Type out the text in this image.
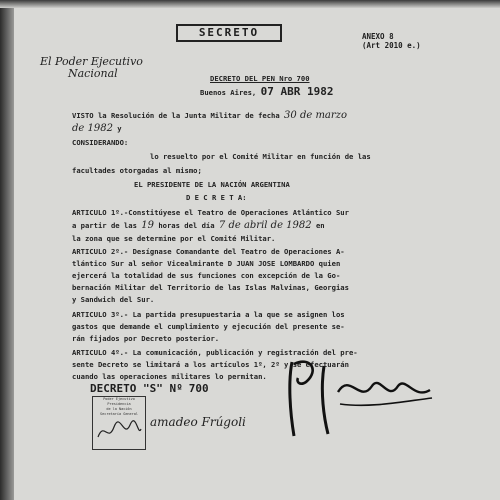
SECRETO	ANEXO 8
(Art 2010 e.)
El Poder Ejecutivo
Nacional	DECRETO DEL PEN Nro 700
Buenos Aires, 07 ABR 1982
VISTO la Resolución de la Junta Militar de fecha 30 de marzo
de 1982 y
CONSIDERANDO:
lo resuelto por el Comité Militar en función de las
facultades otorgadas al mismo;
EL PRESIDENTE DE LA NACIÓN ARGENTINA
D E C R E T A:
ARTICULO 1º.-Constitúyese el Teatro de Operaciones Atlántico Sur
a partir de las 19 horas del día 7 de abril de 1982 en
la zona que se determine por el Comité Militar.
ARTICULO 2º.- Desígnase Comandante del Teatro de Operaciones A-
tlántico Sur al señor Vicealmirante D JUAN JOSE LOMBARDO quien
ejercerá la totalidad de sus funciones con excepción de la Go-
bernación Militar del Territorio de las Islas Malvinas, Georgias
y Sandwich del Sur.
ARTICULO 3º.- La partida presupuestaria a la que se asignen los
gastos que demande el cumplimiento y ejecución del presente se-
rán fijados por Decreto posterior.
ARTICULO 4º.- La comunicación, publicación y registración del pre-
sente Decreto se limitará a los artículos 1º, 2º y se efectuarán
cuando las operaciones militares lo permitan.
DECRETO "S" Nº 700
Poder Ejecutivo
Presidencia
de la Nación
Secretaría General
amadeo Frúgoli
